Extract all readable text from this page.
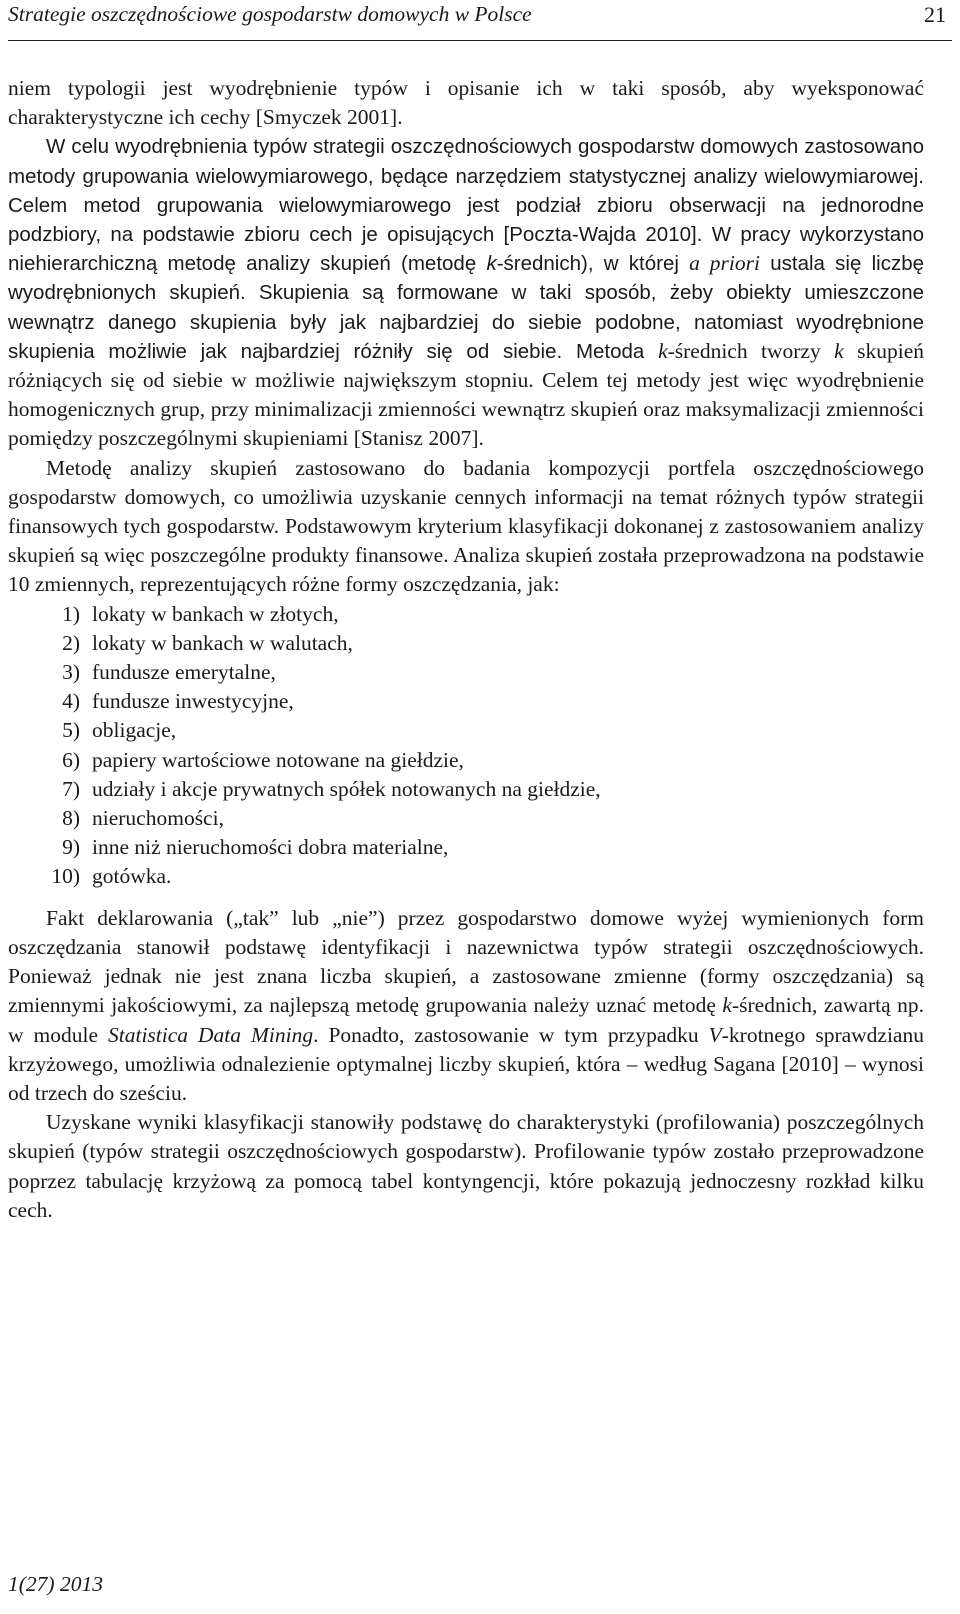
Strategie oszczędnościowe gospodarstw domowych w Polsce	21

niem typologii jest wyodrębnienie typów i opisanie ich w taki sposób, aby wyeksponować charakterystyczne ich cechy [Smyczek 2001].

W celu wyodrębnienia typów strategii oszczędnościowych gospodarstw domowych zastosowano metody grupowania wielowymiarowego, będące narzędziem statystycznej analizy wielowymiarowej. Celem metod grupowania wielowymiarowego jest podział zbioru obserwacji na jednorodne podzbiory, na podstawie zbioru cech je opisujących [Poczta-Wajda 2010]. W pracy wykorzystano niehierarchiczną metodę analizy skupień (metodę k-średnich), w której a priori ustala się liczbę wyodrębnionych skupień. Skupienia są formowane w taki sposób, żeby obiekty umieszczone wewnątrz danego skupienia były jak najbardziej do siebie podobne, natomiast wyodrębnione skupienia możliwie jak najbardziej różniły się od siebie. Metoda k-średnich tworzy k skupień różniących się od siebie w możliwie największym stopniu. Celem tej metody jest więc wyodrębnienie homogenicznych grup, przy minimalizacji zmienności wewnątrz skupień oraz maksymalizacji zmienności pomiędzy poszczególnymi skupieniami [Stanisz 2007].

Metodę analizy skupień zastosowano do badania kompozycji portfela oszczędnościowego gospodarstw domowych, co umożliwia uzyskanie cennych informacji na temat różnych typów strategii finansowych tych gospodarstw. Podstawowym kryterium klasyfikacji dokonanej z zastosowaniem analizy skupień są więc poszczególne produkty finansowe. Analiza skupień została przeprowadzona na podstawie 10 zmiennych, reprezentujących różne formy oszczędzania, jak:

1) lokaty w bankach w złotych,
2) lokaty w bankach w walutach,
3) fundusze emerytalne,
4) fundusze inwestycyjne,
5) obligacje,
6) papiery wartościowe notowane na giełdzie,
7) udziały i akcje prywatnych spółek notowanych na giełdzie,
8) nieruchomości,
9) inne niż nieruchomości dobra materialne,
10) gotówka.

Fakt deklarowania („tak” lub „nie”) przez gospodarstwo domowe wyżej wymienionych form oszczędzania stanowił podstawę identyfikacji i nazewnictwa typów strategii oszczędnościowych. Ponieważ jednak nie jest znana liczba skupień, a zastosowane zmienne (formy oszczędzania) są zmiennymi jakościowymi, za najlepszą metodę grupowania należy uznać metodę k-średnich, zawartą np. w module Statistica Data Mining. Ponadto, zastosowanie w tym przypadku V-krotnego sprawdzianu krzyżowego, umożliwia odnalezienie optymalnej liczby skupień, która – według Sagana [2010] – wynosi od trzech do sześciu.

Uzyskane wyniki klasyfikacji stanowiły podstawę do charakterystyki (profilowania) poszczególnych skupień (typów strategii oszczędnościowych gospodarstw). Profilowanie typów zostało przeprowadzone poprzez tabulację krzyżową za pomocą tabel kontyngencji, które pokazują jednoczesny rozkład kilku cech.

1(27) 2013
